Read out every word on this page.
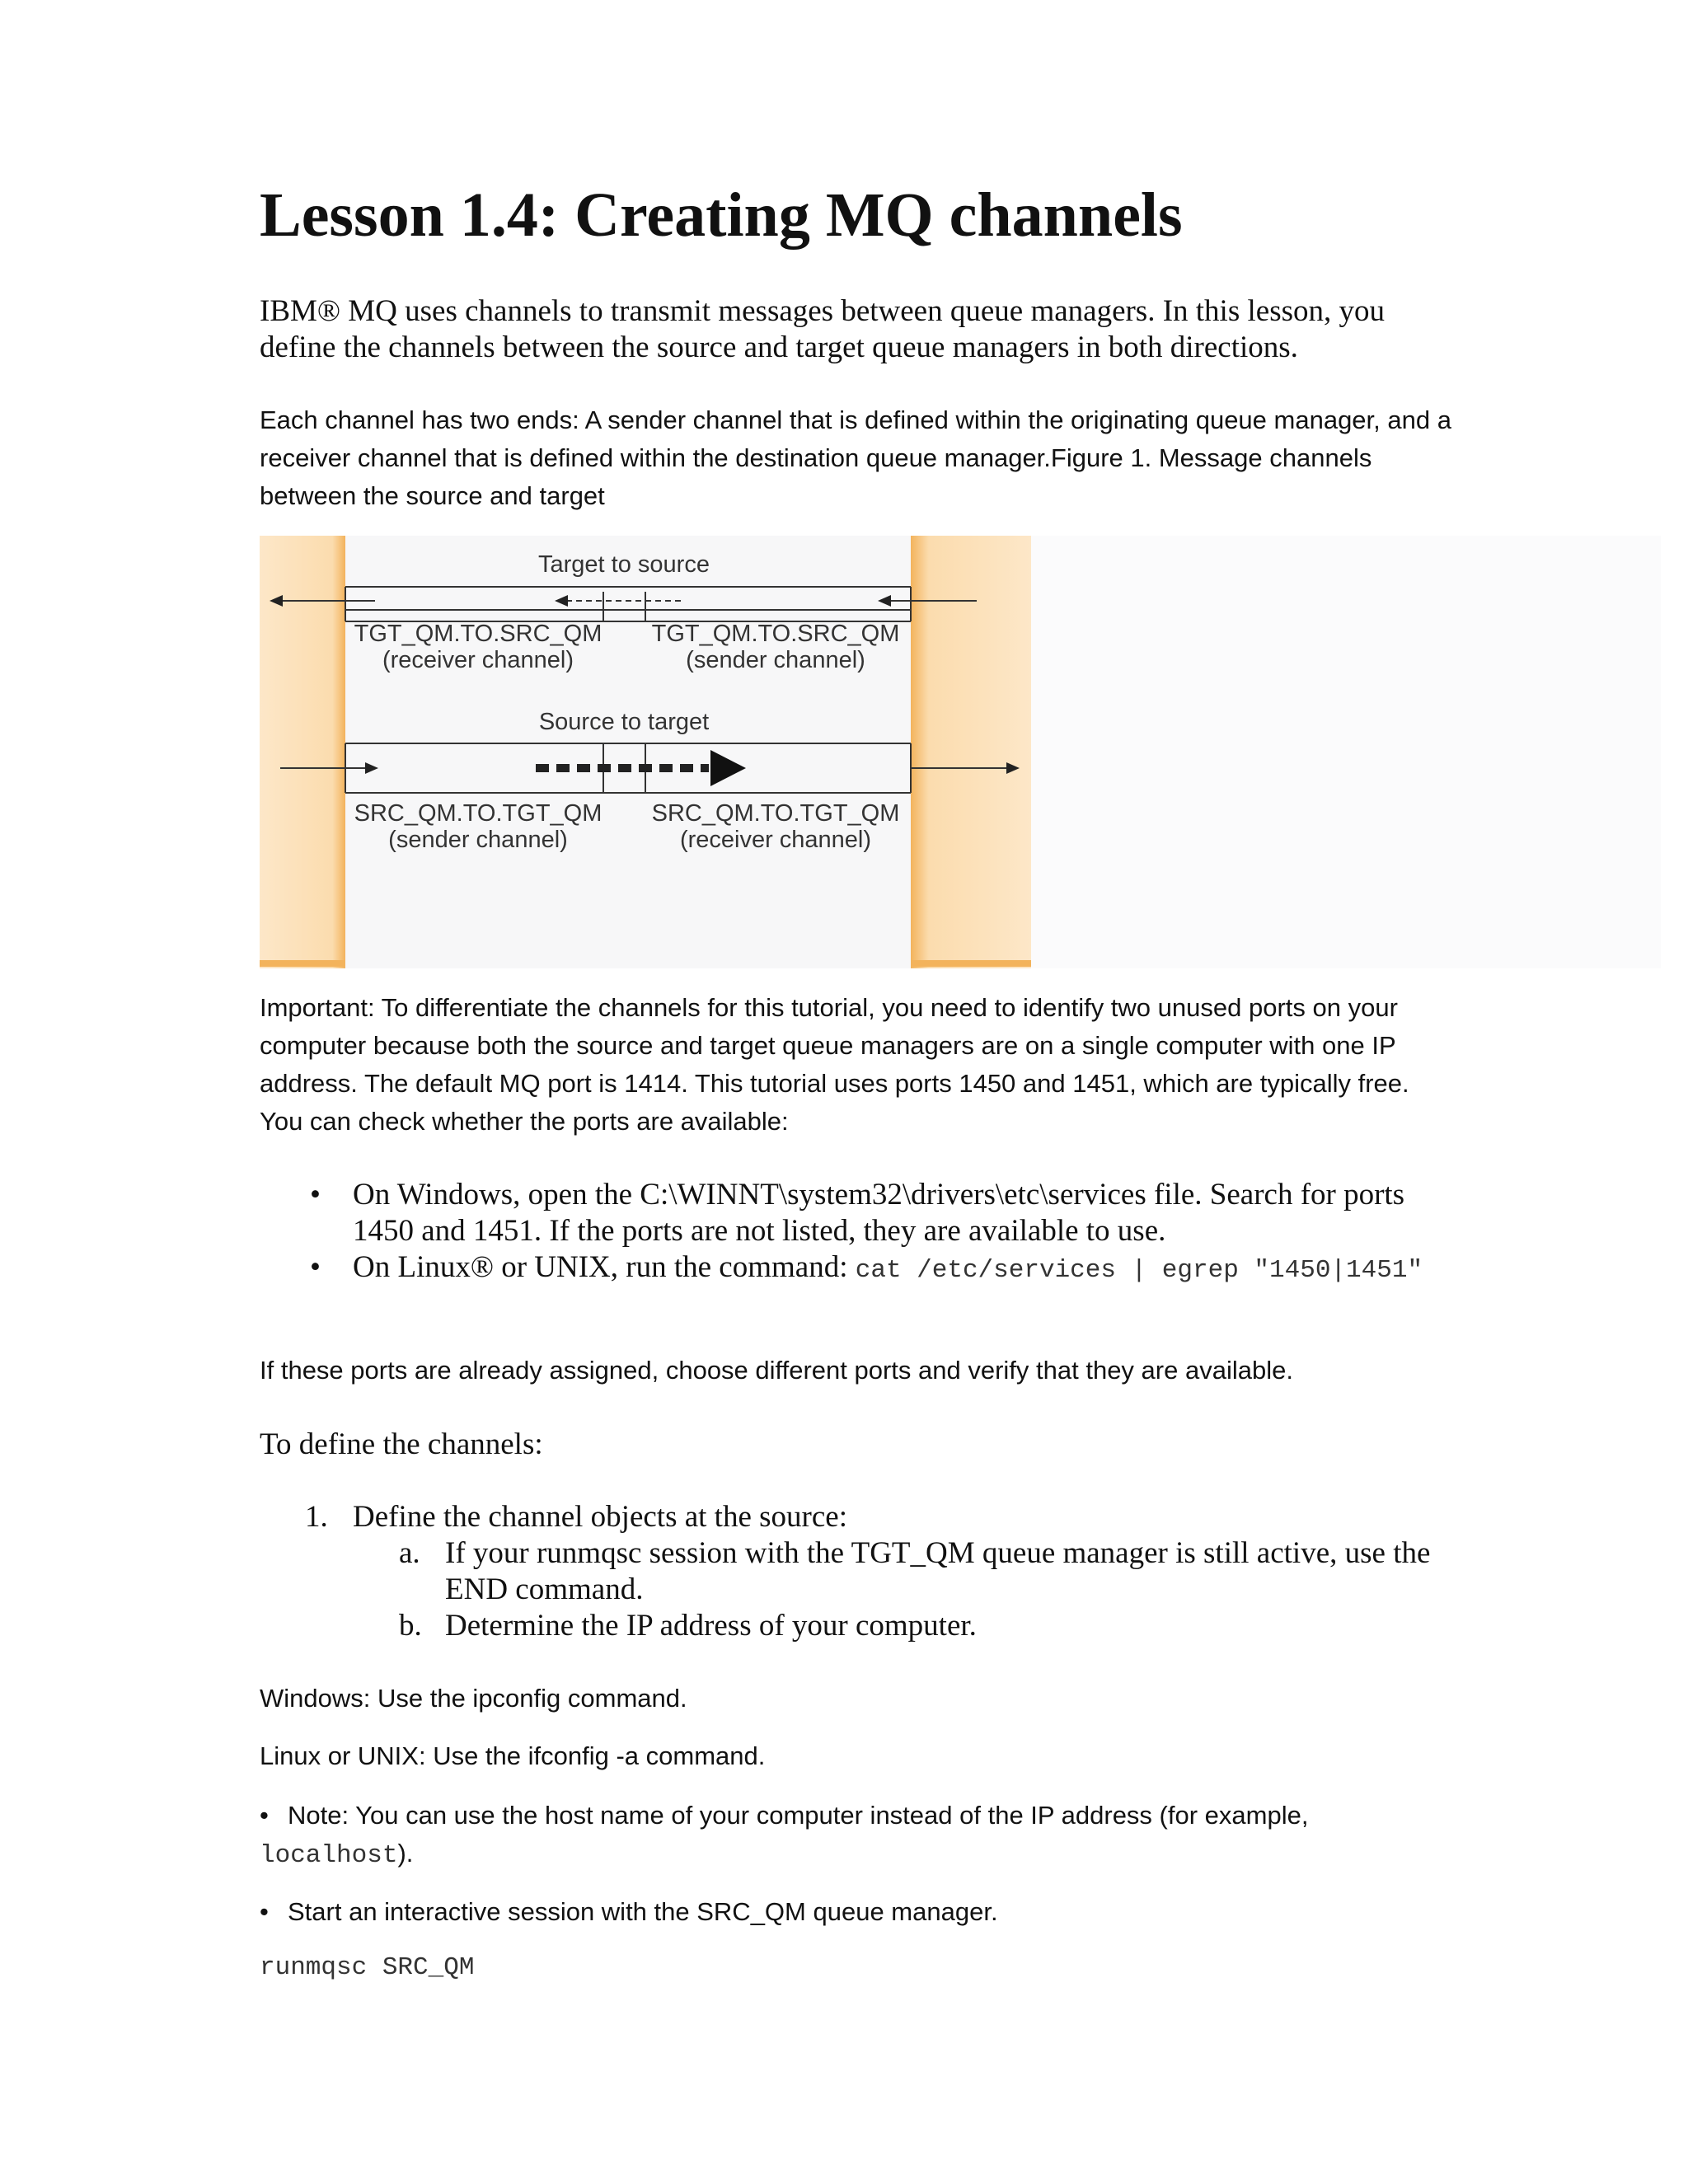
Lesson 1.4: Creating MQ channels

IBM® MQ uses channels to transmit messages between queue managers. In this lesson, you define the channels between the source and target queue managers in both directions.

Each channel has two ends: A sender channel that is defined within the originating queue manager, and a receiver channel that is defined within the destination queue manager.Figure 1. Message channels between the source and target

Target to source
TGT_QM.TO.SRC_QM
(receiver channel)
TGT_QM.TO.SRC_QM
(sender channel)
Source to target
SRC_QM.TO.TGT_QM
(sender channel)
SRC_QM.TO.TGT_QM
(receiver channel)

Important: To differentiate the channels for this tutorial, you need to identify two unused ports on your computer because both the source and target queue managers are on a single computer with one IP address. The default MQ port is 1414. This tutorial uses ports 1450 and 1451, which are typically free. You can check whether the ports are available:

• On Windows, open the C:\WINNT\system32\drivers\etc\services file. Search for ports 1450 and 1451. If the ports are not listed, they are available to use.
• On Linux® or UNIX, run the command: cat /etc/services | egrep "1450|1451"

If these ports are already assigned, choose different ports and verify that they are available.

To define the channels:

1. Define the channel objects at the source:
a. If your runmqsc session with the TGT_QM queue manager is still active, use the END command.
b. Determine the IP address of your computer.

Windows: Use the ipconfig command.

Linux or UNIX: Use the ifconfig -a command.

• Note: You can use the host name of your computer instead of the IP address (for example, localhost).

• Start an interactive session with the SRC_QM queue manager.

runmqsc SRC_QM
